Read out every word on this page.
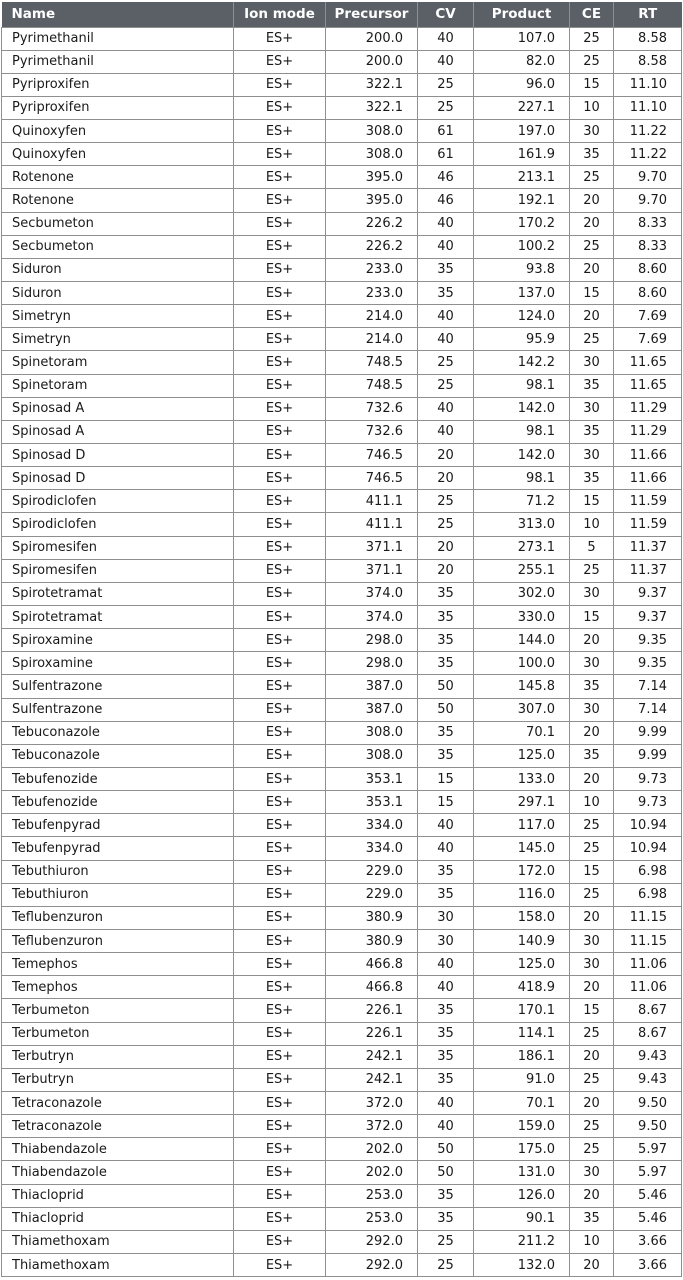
Name	Ion mode	Precursor	CV	Product	CE	RT
Pyrimethanil	ES+	200.0	40	107.0	25	8.58
Pyrimethanil	ES+	200.0	40	82.0	25	8.58
Pyriproxifen	ES+	322.1	25	96.0	15	11.10
Pyriproxifen	ES+	322.1	25	227.1	10	11.10
Quinoxyfen	ES+	308.0	61	197.0	30	11.22
Quinoxyfen	ES+	308.0	61	161.9	35	11.22
Rotenone	ES+	395.0	46	213.1	25	9.70
Rotenone	ES+	395.0	46	192.1	20	9.70
Secbumeton	ES+	226.2	40	170.2	20	8.33
Secbumeton	ES+	226.2	40	100.2	25	8.33
Siduron	ES+	233.0	35	93.8	20	8.60
Siduron	ES+	233.0	35	137.0	15	8.60
Simetryn	ES+	214.0	40	124.0	20	7.69
Simetryn	ES+	214.0	40	95.9	25	7.69
Spinetoram	ES+	748.5	25	142.2	30	11.65
Spinetoram	ES+	748.5	25	98.1	35	11.65
Spinosad A	ES+	732.6	40	142.0	30	11.29
Spinosad A	ES+	732.6	40	98.1	35	11.29
Spinosad D	ES+	746.5	20	142.0	30	11.66
Spinosad D	ES+	746.5	20	98.1	35	11.66
Spirodiclofen	ES+	411.1	25	71.2	15	11.59
Spirodiclofen	ES+	411.1	25	313.0	10	11.59
Spiromesifen	ES+	371.1	20	273.1	5	11.37
Spiromesifen	ES+	371.1	20	255.1	25	11.37
Spirotetramat	ES+	374.0	35	302.0	30	9.37
Spirotetramat	ES+	374.0	35	330.0	15	9.37
Spiroxamine	ES+	298.0	35	144.0	20	9.35
Spiroxamine	ES+	298.0	35	100.0	30	9.35
Sulfentrazone	ES+	387.0	50	145.8	35	7.14
Sulfentrazone	ES+	387.0	50	307.0	30	7.14
Tebuconazole	ES+	308.0	35	70.1	20	9.99
Tebuconazole	ES+	308.0	35	125.0	35	9.99
Tebufenozide	ES+	353.1	15	133.0	20	9.73
Tebufenozide	ES+	353.1	15	297.1	10	9.73
Tebufenpyrad	ES+	334.0	40	117.0	25	10.94
Tebufenpyrad	ES+	334.0	40	145.0	25	10.94
Tebuthiuron	ES+	229.0	35	172.0	15	6.98
Tebuthiuron	ES+	229.0	35	116.0	25	6.98
Teflubenzuron	ES+	380.9	30	158.0	20	11.15
Teflubenzuron	ES+	380.9	30	140.9	30	11.15
Temephos	ES+	466.8	40	125.0	30	11.06
Temephos	ES+	466.8	40	418.9	20	11.06
Terbumeton	ES+	226.1	35	170.1	15	8.67
Terbumeton	ES+	226.1	35	114.1	25	8.67
Terbutryn	ES+	242.1	35	186.1	20	9.43
Terbutryn	ES+	242.1	35	91.0	25	9.43
Tetraconazole	ES+	372.0	40	70.1	20	9.50
Tetraconazole	ES+	372.0	40	159.0	25	9.50
Thiabendazole	ES+	202.0	50	175.0	25	5.97
Thiabendazole	ES+	202.0	50	131.0	30	5.97
Thiacloprid	ES+	253.0	35	126.0	20	5.46
Thiacloprid	ES+	253.0	35	90.1	35	5.46
Thiamethoxam	ES+	292.0	25	211.2	10	3.66
Thiamethoxam	ES+	292.0	25	132.0	20	3.66
